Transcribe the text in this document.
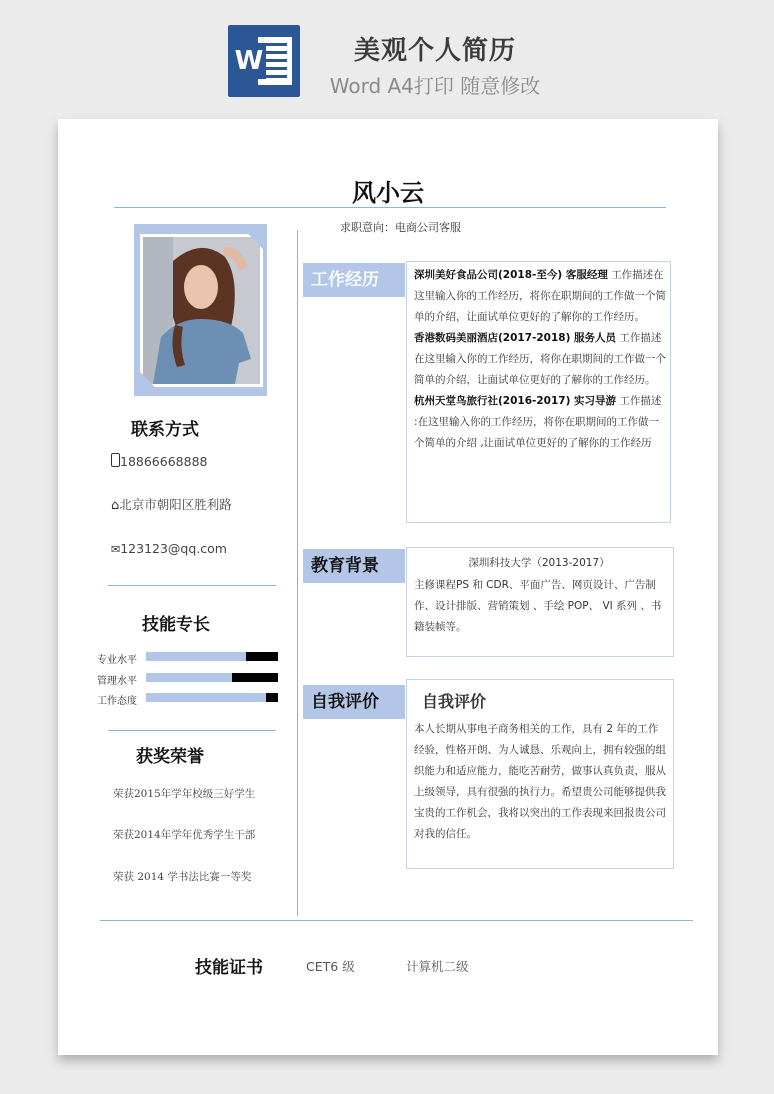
W	美观个人简历
Word A4打印 随意修改
风小云
求职意向：电商公司客服
联系方式
18866668888
⌂北京市朝阳区胜利路
✉123123@qq.com
技能专长
专业水平
管理水平
工作态度
获奖荣誉
荣获2015年学年校级三好学生
荣获2014年学年优秀学生干部
荣获 2014 学书法比赛一等奖
工作经历	深圳美好食品公司(2018-至今) 客服经理 工作描述在这里输入你的工作经历，将你在职期间的工作做一个简单的介绍，让面试单位更好的了解你的工作经历。
香港数码美丽酒店(2017-2018) 服务人员 工作描述在这里输入你的工作经历，将你在职期间的工作做一个简单的介绍，让面试单位更好的了解你的工作经历。
杭州天堂鸟旅行社(2016-2017) 实习导游 工作描述 :在这里输入你的工作经历，将你在职期间的工作做一个简单的介绍 ,让面试单位更好的了解你的工作经历
教育背景	深圳科技大学（2013-2017）
主修课程PS 和 CDR、平面广告、网页设计、广告制作、设计排版、营销策划 、手绘 POP、 VI 系列 、书籍装帧等。
自我评价	自我评价
本人长期从事电子商务相关的工作，具有 2 年的工作经验，性格开朗、为人诚恳、乐观向上，拥有较强的组织能力和适应能力，能吃苦耐劳，做事认真负责，服从上级领导，具有很强的执行力。希望贵公司能够提供我宝贵的工作机会，我将以突出的工作表现来回报贵公司对我的信任。
技能证书	CET6 级	计算机二级
